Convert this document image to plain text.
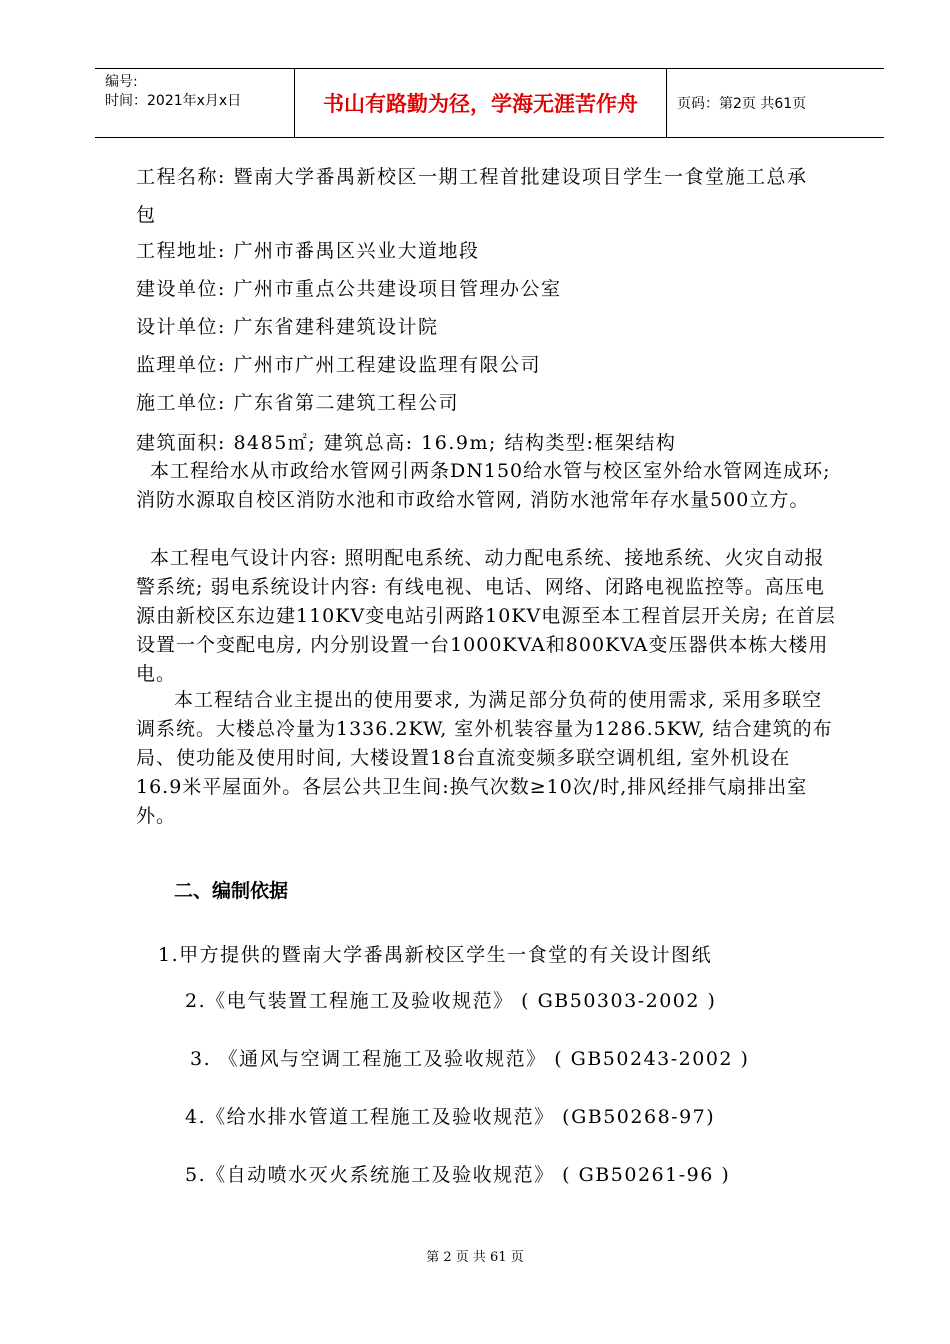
编号:
时间：2021年x月x日	书山有路勤为径，学海无涯苦作舟	页码：第2页 共61页
工程名称: 暨南大学番禺新校区一期工程首批建设项目学生一食堂施工总承
包
工程地址: 广州市番禺区兴业大道地段
建设单位: 广州市重点公共建设项目管理办公室
设计单位: 广东省建科建筑设计院
监理单位: 广州市广州工程建设监理有限公司
施工单位: 广东省第二建筑工程公司
建筑面积: 8485㎡; 建筑总高: 16.9m; 结构类型:框架结构
本工程给水从市政给水管网引两条DN150给水管与校区室外给水管网连成环; 消防水源取自校区消防水池和市政给水管网, 消防水池常年存水量500立方。
本工程电气设计内容: 照明配电系统、动力配电系统、接地系统、火灾自动报警系统; 弱电系统设计内容: 有线电视、电话、网络、闭路电视监控等。高压电源由新校区东边建110KV变电站引两路10KV电源至本工程首层开关房; 在首层设置一个变配电房, 内分别设置一台1000KVA和800KVA变压器供本栋大楼用电。
本工程结合业主提出的使用要求, 为满足部分负荷的使用需求, 采用多联空调系统。大楼总冷量为1336.2KW, 室外机装容量为1286.5KW, 结合建筑的布局、使功能及使用时间, 大楼设置18台直流变频多联空调机组, 室外机设在16.9米平屋面外。各层公共卫生间:换气次数≥10次/时,排风经排气扇排出室外。
二、编制依据
1.甲方提供的暨南大学番禺新校区学生一食堂的有关设计图纸
2.《电气装置工程施工及验收规范》 ( GB50303-2002 )
3. 《通风与空调工程施工及验收规范》 ( GB50243-2002 )
4.《给水排水管道工程施工及验收规范》 (GB50268-97)
5.《自动喷水灭火系统施工及验收规范》 ( GB50261-96 )
第 2 页 共 61 页
